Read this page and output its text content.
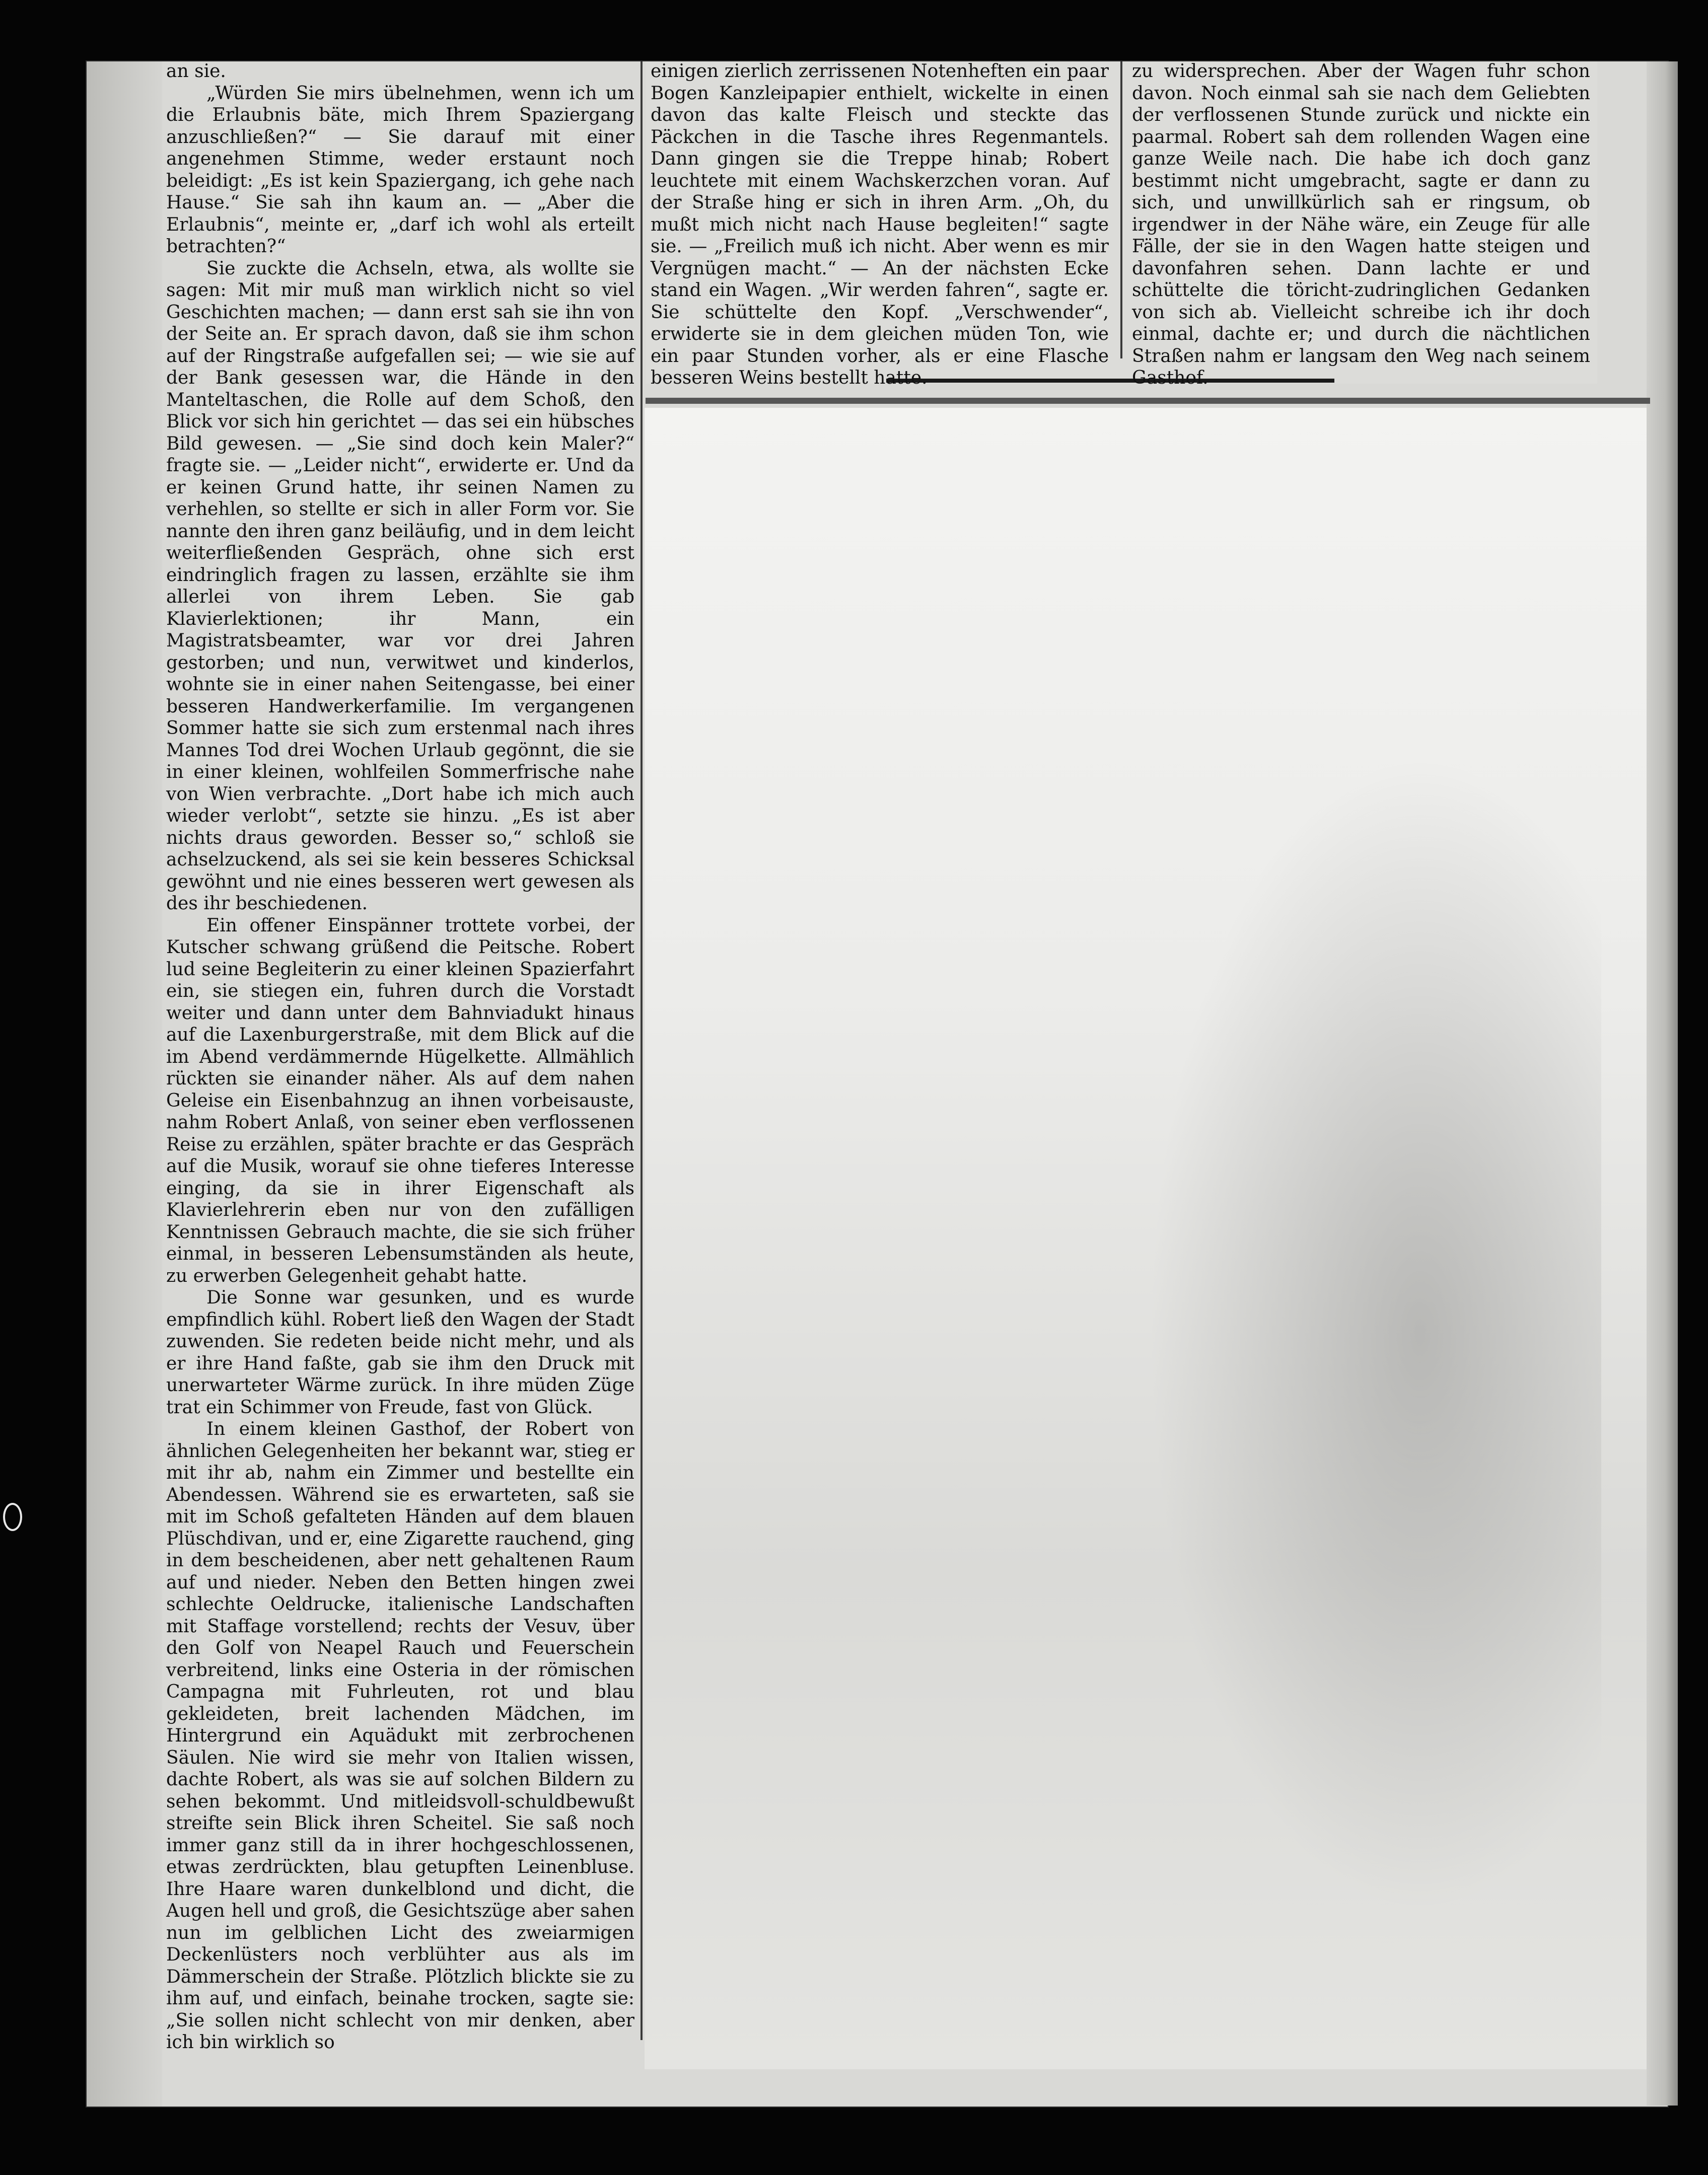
an sie.

„Würden Sie mirs übelnehmen, wenn ich um die Erlaubnis bäte, mich Ihrem Spaziergang anzuschließen?“ — Sie darauf mit einer angenehmen Stimme, weder erstaunt noch beleidigt: „Es ist kein Spaziergang, ich gehe nach Hause.“ Sie sah ihn kaum an. — „Aber die Erlaubnis“, meinte er, „darf ich wohl als erteilt betrachten?“

Sie zuckte die Achseln, etwa, als wollte sie sagen: Mit mir muß man wirklich nicht so viel Geschichten machen; — dann erst sah sie ihn von der Seite an. Er sprach davon, daß sie ihm schon auf der Ringstraße aufgefallen sei; — wie sie auf der Bank gesessen war, die Hände in den Manteltaschen, die Rolle auf dem Schoß, den Blick vor sich hin gerichtet — das sei ein hübsches Bild gewesen. — „Sie sind doch kein Maler?“ fragte sie. — „Leider nicht“, erwiderte er. Und da er keinen Grund hatte, ihr seinen Namen zu verhehlen, so stellte er sich in aller Form vor. Sie nannte den ihren ganz beiläufig, und in dem leicht weiterfließenden Gespräch, ohne sich erst eindringlich fragen zu lassen, erzählte sie ihm allerlei von ihrem Leben. Sie gab Klavierlektionen; ihr Mann, ein Magistratsbeamter, war vor drei Jahren gestorben; und nun, verwitwet und kinderlos, wohnte sie in einer nahen Seitengasse, bei einer besseren Handwerkerfamilie. Im vergangenen Sommer hatte sie sich zum erstenmal nach ihres Mannes Tod drei Wochen Urlaub gegönnt, die sie in einer kleinen, wohlfeilen Sommerfrische nahe von Wien verbrachte. „Dort habe ich mich auch wieder verlobt“, setzte sie hinzu. „Es ist aber nichts draus geworden. Besser so,“ schloß sie achselzuckend, als sei sie kein besseres Schicksal gewöhnt und nie eines besseren wert gewesen als des ihr beschiedenen.

Ein offener Einspänner trottete vorbei, der Kutscher schwang grüßend die Peitsche. Robert lud seine Begleiterin zu einer kleinen Spazierfahrt ein, sie stiegen ein, fuhren durch die Vorstadt weiter und dann unter dem Bahnviadukt hinaus auf die Laxenburgerstraße, mit dem Blick auf die im Abend verdämmernde Hügelkette. Allmählich rückten sie einander näher. Als auf dem nahen Geleise ein Eisenbahnzug an ihnen vorbeisauste, nahm Robert Anlaß, von seiner eben verflossenen Reise zu erzählen, später brachte er das Gespräch auf die Musik, worauf sie ohne tieferes Interesse einging, da sie in ihrer Eigenschaft als Klavierlehrerin eben nur von den zufälligen Kenntnissen Gebrauch machte, die sie sich früher einmal, in besseren Lebensumständen als heute, zu erwerben Gelegenheit gehabt hatte.

Die Sonne war gesunken, und es wurde empfindlich kühl. Robert ließ den Wagen der Stadt zuwenden. Sie redeten beide nicht mehr, und als er ihre Hand faßte, gab sie ihm den Druck mit unerwarteter Wärme zurück. In ihre müden Züge trat ein Schimmer von Freude, fast von Glück.

In einem kleinen Gasthof, der Robert von ähnlichen Gelegenheiten her bekannt war, stieg er mit ihr ab, nahm ein Zimmer und bestellte ein Abendessen. Während sie es erwarteten, saß sie mit im Schoß gefalteten Händen auf dem blauen Plüschdivan, und er, eine Zigarette rauchend, ging in dem bescheidenen, aber nett gehaltenen Raum auf und nieder. Neben den Betten hingen zwei schlechte Oeldrucke, italienische Landschaften mit Staffage vorstellend; rechts der Vesuv, über den Golf von Neapel Rauch und Feuerschein verbreitend, links eine Osteria in der römischen Campagna mit Fuhrleuten, rot und blau gekleideten, breit lachenden Mädchen, im Hintergrund ein Aquädukt mit zerbrochenen Säulen. Nie wird sie mehr von Italien wissen, dachte Robert, als was sie auf solchen Bildern zu sehen bekommt. Und mitleidsvoll-schuldbewußt streifte sein Blick ihren Scheitel. Sie saß noch immer ganz still da in ihrer hochgeschlossenen, etwas zerdrückten, blau getupften Leinenbluse. Ihre Haare waren dunkelblond und dicht, die Augen hell und groß, die Gesichtszüge aber sahen nun im gelblichen Licht des zweiarmigen Deckenlüsters noch verblühter aus als im Dämmerschein der Straße. Plötzlich blickte sie zu ihm auf, und einfach, beinahe trocken, sagte sie: „Sie sollen nicht schlecht von mir denken, aber ich bin wirklich so

einigen zierlich zerrissenen Notenheften ein paar Bogen Kanzleipapier enthielt, wickelte in einen davon das kalte Fleisch und steckte das Päckchen in die Tasche ihres Regenmantels. Dann gingen sie die Treppe hinab; Robert leuchtete mit einem Wachskerzchen voran. Auf der Straße hing er sich in ihren Arm. „Oh, du mußt mich nicht nach Hause begleiten!“ sagte sie. — „Freilich muß ich nicht. Aber wenn es mir Vergnügen macht.“ — An der nächsten Ecke stand ein Wagen. „Wir werden fahren“, sagte er. Sie schüttelte den Kopf. „Verschwender“, erwiderte sie in dem gleichen müden Ton, wie ein paar Stunden vorher, als er eine Flasche besseren Weins bestellt hatte.

zu widersprechen. Aber der Wagen fuhr schon davon. Noch einmal sah sie nach dem Geliebten der verflossenen Stunde zurück und nickte ein paarmal. Robert sah dem rollenden Wagen eine ganze Weile nach. Die habe ich doch ganz bestimmt nicht umgebracht, sagte er dann zu sich, und unwillkürlich sah er ringsum, ob irgendwer in der Nähe wäre, ein Zeuge für alle Fälle, der sie in den Wagen hatte steigen und davonfahren sehen. Dann lachte er und schüttelte die töricht-zudringlichen Gedanken von sich ab. Vielleicht schreibe ich ihr doch einmal, dachte er; und durch die nächtlichen Straßen nahm er langsam den Weg nach seinem Gasthof.
